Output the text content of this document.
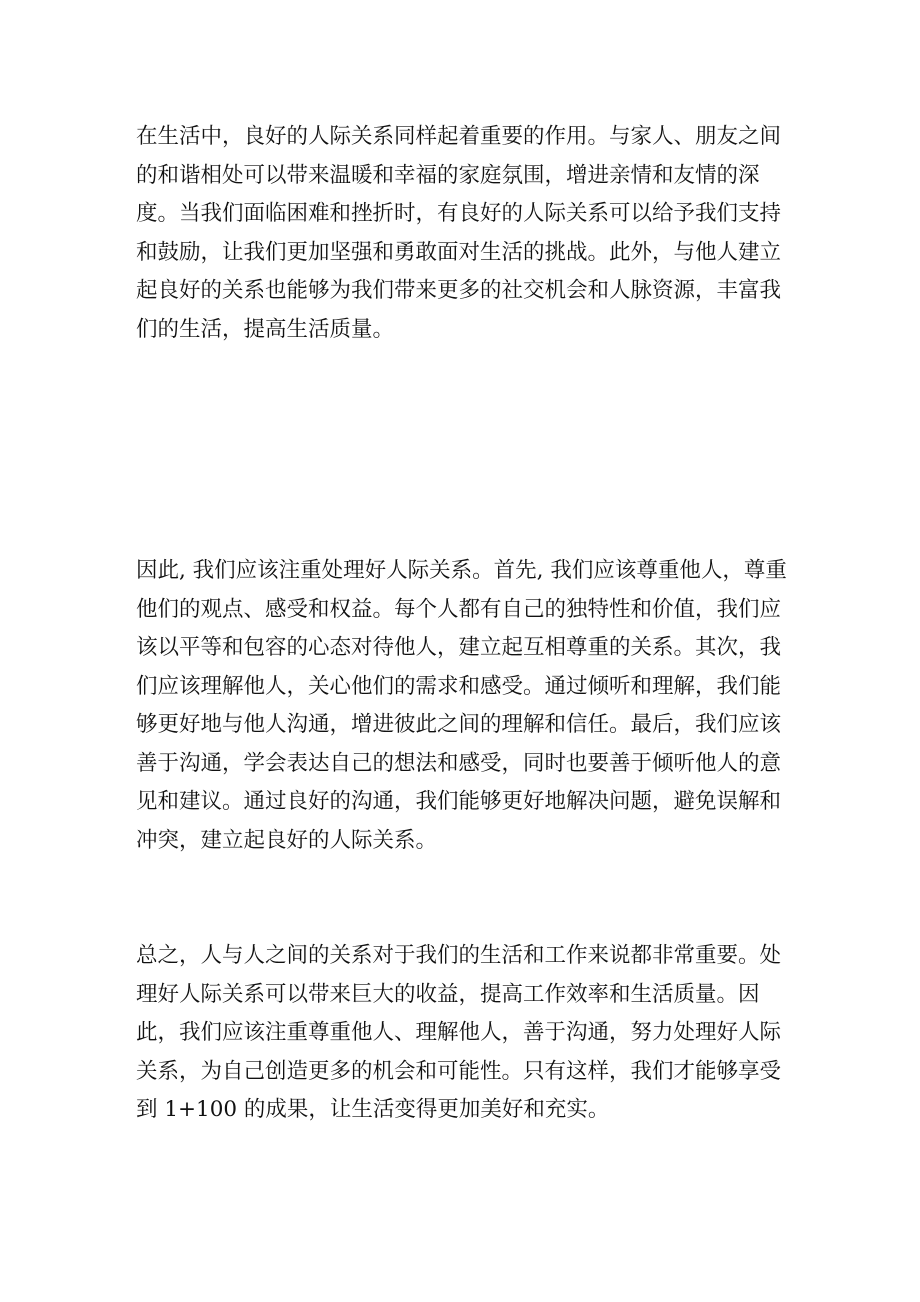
在生活中，良好的人际关系同样起着重要的作用。与家人、朋友之间
的和谐相处可以带来温暖和幸福的家庭氛围，增进亲情和友情的深
度。当我们面临困难和挫折时，有良好的人际关系可以给予我们支持
和鼓励，让我们更加坚强和勇敢面对生活的挑战。此外，与他人建立
起良好的关系也能够为我们带来更多的社交机会和人脉资源，丰富我
们的生活，提高生活质量。
因此, 我们应该注重处理好人际关系。首先, 我们应该尊重他人，尊重
他们的观点、感受和权益。每个人都有自己的独特性和价值，我们应
该以平等和包容的心态对待他人，建立起互相尊重的关系。其次，我
们应该理解他人，关心他们的需求和感受。通过倾听和理解，我们能
够更好地与他人沟通，增进彼此之间的理解和信任。最后，我们应该
善于沟通，学会表达自己的想法和感受，同时也要善于倾听他人的意
见和建议。通过良好的沟通，我们能够更好地解决问题，避免误解和
冲突，建立起良好的人际关系。
总之，人与人之间的关系对于我们的生活和工作来说都非常重要。处
理好人际关系可以带来巨大的收益，提高工作效率和生活质量。因
此，我们应该注重尊重他人、理解他人，善于沟通，努力处理好人际
关系，为自己创造更多的机会和可能性。只有这样，我们才能够享受
到 1+100 的成果，让生活变得更加美好和充实。
